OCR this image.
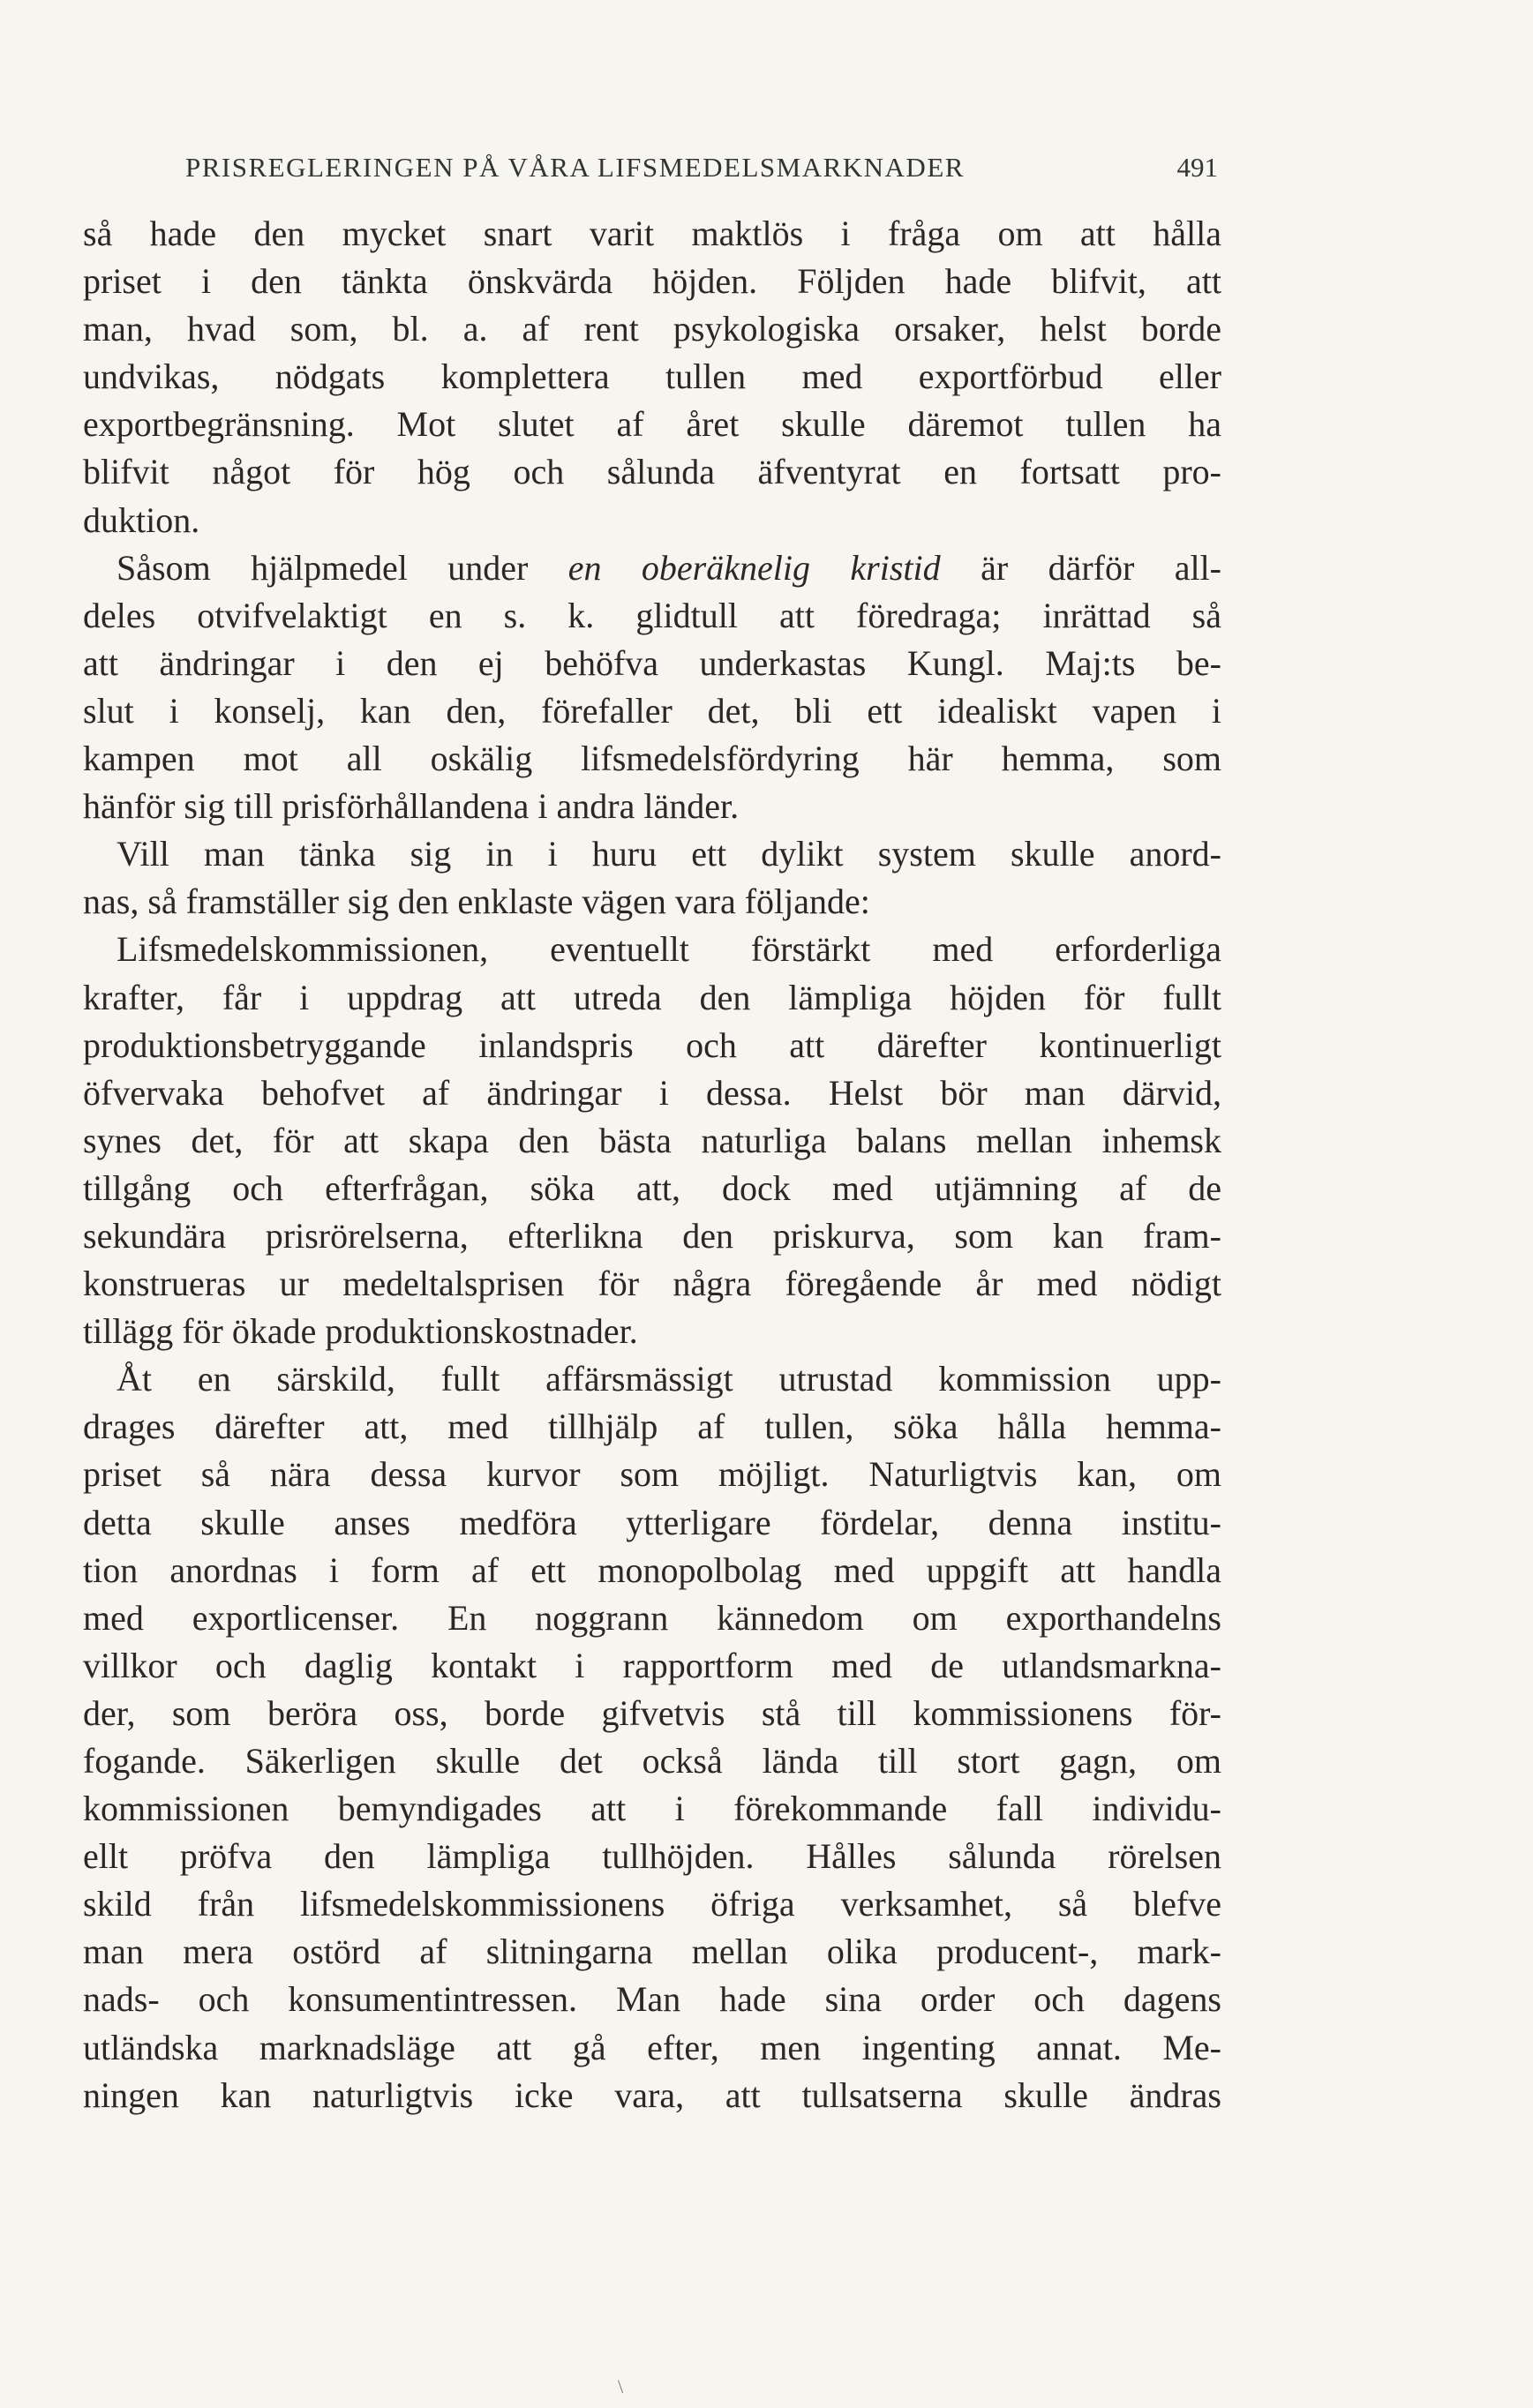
PRISREGLERINGEN PÅ VÅRA LIFSMEDELSMARKNADER	491
så hade den mycket snart varit maktlös i fråga om att hålla
priset i den tänkta önskvärda höjden. Följden hade blifvit, att
man, hvad som, bl. a. af rent psykologiska orsaker, helst borde
undvikas, nödgats komplettera tullen med exportförbud eller
exportbegränsning. Mot slutet af året skulle däremot tullen ha
blifvit något för hög och sålunda äfventyrat en fortsatt pro-
duktion.
Såsom hjälpmedel under en oberäknelig kristid är därför all-
deles otvifvelaktigt en s. k. glidtull att föredraga; inrättad så
att ändringar i den ej behöfva underkastas Kungl. Maj:ts be-
slut i konselj, kan den, förefaller det, bli ett idealiskt vapen i
kampen mot all oskälig lifsmedelsfördyring här hemma, som
hänför sig till prisförhållandena i andra länder.
Vill man tänka sig in i huru ett dylikt system skulle anord-
nas, så framställer sig den enklaste vägen vara följande:
Lifsmedelskommissionen, eventuellt förstärkt med erforderliga
krafter, får i uppdrag att utreda den lämpliga höjden för fullt
produktionsbetryggande inlandspris och att därefter kontinuerligt
öfvervaka behofvet af ändringar i dessa. Helst bör man därvid,
synes det, för att skapa den bästa naturliga balans mellan inhemsk
tillgång och efterfrågan, söka att, dock med utjämning af de
sekundära prisrörelserna, efterlikna den priskurva, som kan fram-
konstrueras ur medeltalsprisen för några föregående år med nödigt
tillägg för ökade produktionskostnader.
Åt en särskild, fullt affärsmässigt utrustad kommission upp-
drages därefter att, med tillhjälp af tullen, söka hålla hemma-
priset så nära dessa kurvor som möjligt. Naturligtvis kan, om
detta skulle anses medföra ytterligare fördelar, denna institu-
tion anordnas i form af ett monopolbolag med uppgift att handla
med exportlicenser. En noggrann kännedom om exporthandelns
villkor och daglig kontakt i rapportform med de utlandsmarkna-
der, som beröra oss, borde gifvetvis stå till kommissionens för-
fogande. Säkerligen skulle det också lända till stort gagn, om
kommissionen bemyndigades att i förekommande fall individu-
ellt pröfva den lämpliga tullhöjden. Hålles sålunda rörelsen
skild från lifsmedelskommissionens öfriga verksamhet, så blefve
man mera ostörd af slitningarna mellan olika producent-, mark-
nads- och konsumentintressen. Man hade sina order och dagens
utländska marknadsläge att gå efter, men ingenting annat. Me-
ningen kan naturligtvis icke vara, att tullsatserna skulle ändras
\
